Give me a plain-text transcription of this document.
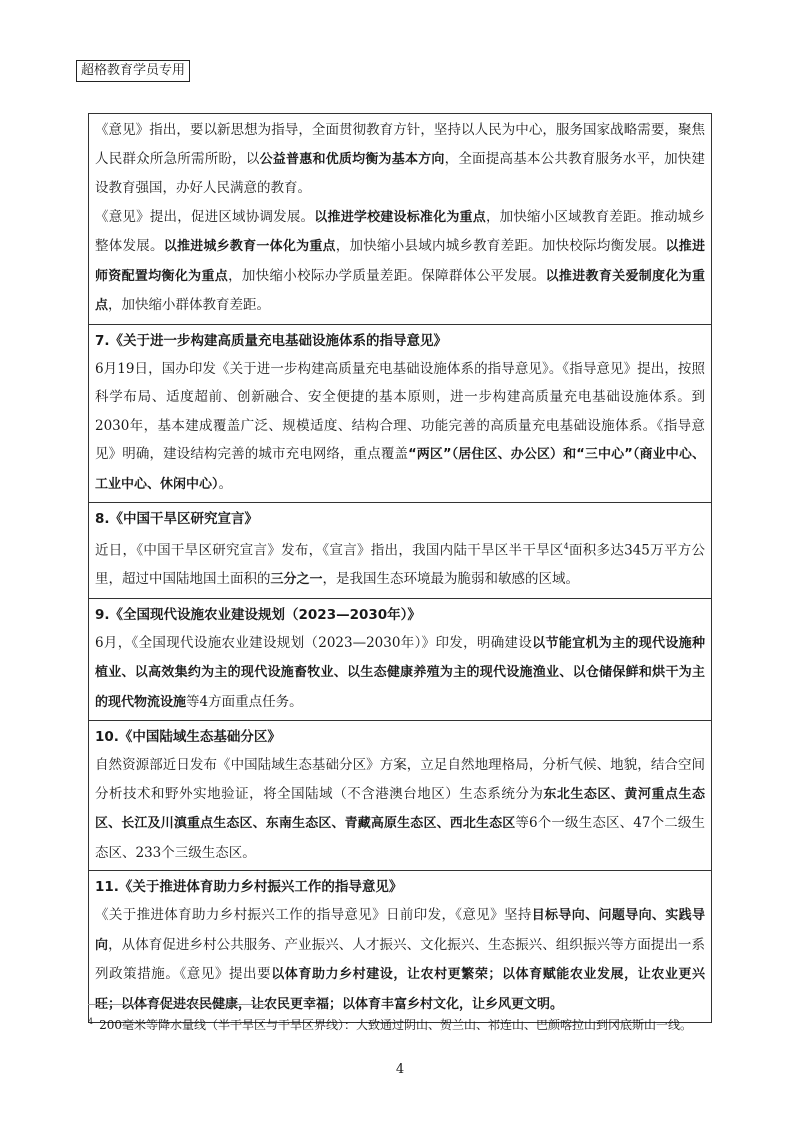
超格教育学员专用
《意见》指出，要以新思想为指导，全面贯彻教育方针，坚持以人民为中心，服务国家战略需要，聚焦人民群众所急所需所盼，以公益普惠和优质均衡为基本方向，全面提高基本公共教育服务水平，加快建设教育强国，办好人民满意的教育。
《意见》提出，促进区域协调发展。以推进学校建设标准化为重点，加快缩小区域教育差距。推动城乡整体发展。以推进城乡教育一体化为重点，加快缩小县域内城乡教育差距。加快校际均衡发展。以推进师资配置均衡化为重点，加快缩小校际办学质量差距。保障群体公平发展。以推进教育关爱制度化为重点，加快缩小群体教育差距。
7.《关于进一步构建高质量充电基础设施体系的指导意见》
6月19日，国办印发《关于进一步构建高质量充电基础设施体系的指导意见》。《指导意见》提出，按照科学布局、适度超前、创新融合、安全便捷的基本原则，进一步构建高质量充电基础设施体系。到2030年，基本建成覆盖广泛、规模适度、结构合理、功能完善的高质量充电基础设施体系。《指导意见》明确，建设结构完善的城市充电网络，重点覆盖“两区”（居住区、办公区）和“三中心”（商业中心、工业中心、休闲中心）。
8.《中国干旱区研究宣言》
近日，《中国干旱区研究宣言》发布，《宣言》指出，我国内陆干旱区半干旱区$^4$面积多达345万平方公里，超过中国陆地国土面积的三分之一，是我国生态环境最为脆弱和敏感的区域。
9.《全国现代设施农业建设规划（2023—2030年）》
6月，《全国现代设施农业建设规划（2023—2030年）》印发，明确建设以节能宜机为主的现代设施种植业、以高效集约为主的现代设施畜牧业、以生态健康养殖为主的现代设施渔业、以仓储保鲜和烘干为主的现代物流设施等4方面重点任务。
10.《中国陆域生态基础分区》
自然资源部近日发布《中国陆域生态基础分区》方案，立足自然地理格局，分析气候、地貌，结合空间分析技术和野外实地验证，将全国陆域（不含港澳台地区）生态系统分为东北生态区、黄河重点生态区、长江及川滇重点生态区、东南生态区、青藏高原生态区、西北生态区等6个一级生态区、47个二级生态区、233个三级生态区。
11.《关于推进体育助力乡村振兴工作的指导意见》
《关于推进体育助力乡村振兴工作的指导意见》日前印发，《意见》坚持目标导向、问题导向、实践导向，从体育促进乡村公共服务、产业振兴、人才振兴、文化振兴、生态振兴、组织振兴等方面提出一系列政策措施。《意见》提出要以体育助力乡村建设，让农村更繁荣；以体育赋能农业发展，让农业更兴旺；以体育促进农民健康，让农民更幸福；以体育丰富乡村文化，让乡风更文明。
$^4$ 200毫米等降水量线（半干旱区与干旱区界线）：大致通过阴山、贺兰山、祁连山、巴颜喀拉山到冈底斯山一线。
4
